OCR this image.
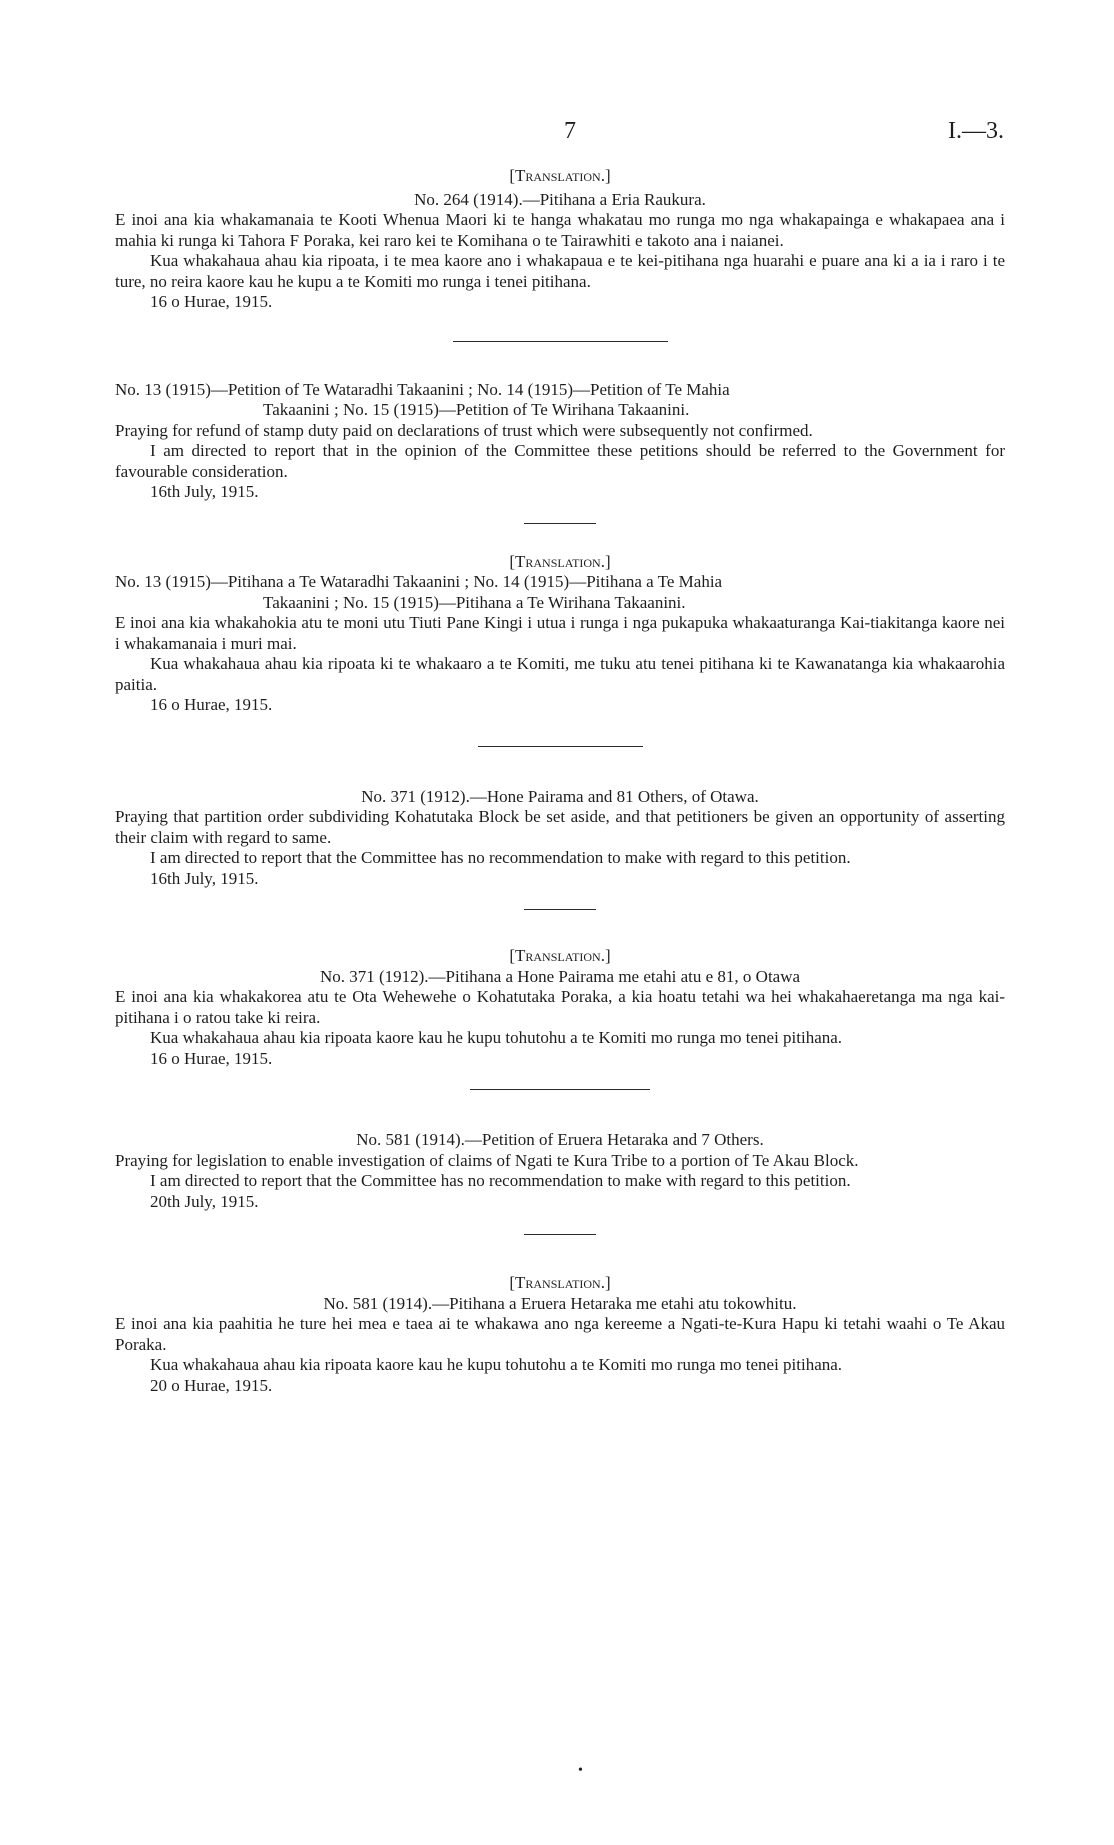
7	I.—3.
[Translation.]
No. 264 (1914).—Pitihana a Eria Raukura.

E inoi ana kia whakamanaia te Kooti Whenua Maori ki te hanga whakatau mo runga mo nga whakapainga e whakapaea ana i mahia ki runga ki Tahora F Poraka, kei raro kei te Komihana o te Tairawhiti e takoto ana i naianei.

Kua whakahaua ahau kia ripoata, i te mea kaore ano i whakapaua e te kei-pitihana nga huarahi e puare ana ki a ia i raro i te ture, no reira kaore kau he kupu a te Komiti mo runga i tenei pitihana.

16 o Hurae, 1915.

No. 13 (1915)—Petition of Te Wataradhi Takaanini ; No. 14 (1915)—Petition of Te Mahia

Takaanini ; No. 15 (1915)—Petition of Te Wirihana Takaanini.

Praying for refund of stamp duty paid on declarations of trust which were subsequently not confirmed.

I am directed to report that in the opinion of the Committee these petitions should be referred to the Government for favourable consideration.

16th July, 1915.

[Translation.]

No. 13 (1915)—Pitihana a Te Wataradhi Takaanini ; No. 14 (1915)—Pitihana a Te Mahia

Takaanini ; No. 15 (1915)—Pitihana a Te Wirihana Takaanini.

E inoi ana kia whakahokia atu te moni utu Tiuti Pane Kingi i utua i runga i nga pukapuka whakaaturanga Kai-tiakitanga kaore nei i whakamanaia i muri mai.

Kua whakahaua ahau kia ripoata ki te whakaaro a te Komiti, me tuku atu tenei pitihana ki te Kawanatanga kia whakaarohia paitia.

16 o Hurae, 1915.

No. 371 (1912).—Hone Pairama and 81 Others, of Otawa.

Praying that partition order subdividing Kohatutaka Block be set aside, and that petitioners be given an opportunity of asserting their claim with regard to same.

I am directed to report that the Committee has no recommendation to make with regard to this petition.

16th July, 1915.

[Translation.]
No. 371 (1912).—Pitihana a Hone Pairama me etahi atu e 81, o Otawa

E inoi ana kia whakakorea atu te Ota Wehewehe o Kohatutaka Poraka, a kia hoatu tetahi wa hei whakahaeretanga ma nga kai-pitihana i o ratou take ki reira.

Kua whakahaua ahau kia ripoata kaore kau he kupu tohutohu a te Komiti mo runga mo tenei pitihana.

16 o Hurae, 1915.

No. 581 (1914).—Petition of Eruera Hetaraka and 7 Others.

Praying for legislation to enable investigation of claims of Ngati te Kura Tribe to a portion of Te Akau Block.

I am directed to report that the Committee has no recommendation to make with regard to this petition.

20th July, 1915.

[Translation.]
No. 581 (1914).—Pitihana a Eruera Hetaraka me etahi atu tokowhitu.

E inoi ana kia paahitia he ture hei mea e taea ai te whakawa ano nga kereeme a Ngati-te-Kura Hapu ki tetahi waahi o Te Akau Poraka.

Kua whakahaua ahau kia ripoata kaore kau he kupu tohutohu a te Komiti mo runga mo tenei pitihana.

20 o Hurae, 1915.

•
